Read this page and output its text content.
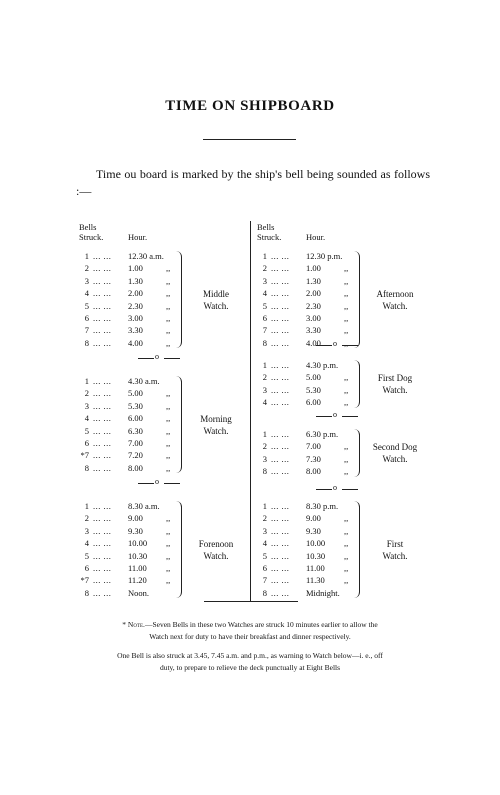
TIME ON SHIPBOARD
Time ou board is marked by the ship's bell being sounded as follows :—
Bells
Struck.	Hour.
Bells
Struck.	Hour.
1 ... ... 12.30 a.m.
2 ... ... 1.00	,,
3 ... ... 1.30	,,
4 ... ... 2.00	,,
5 ... ... 2.30	,,
6 ... ... 3.00	,,
7 ... ... 3.30	,,
8 ... ... 4.00	,,
Middle
Watch.
1 ... ... 4.30 a.m.
2 ... ... 5.00	,,
3 ... ... 5.30	,,
4 ... ... 6.00	,,
5 ... ... 6.30	,,
6 ... ... 7.00	,,
*7 ... ... 7.20	,,
8 ... ... 8.00	,,
Morning
Watch.
1 ... ... 8.30 a.m.
2 ... ... 9.00	,,
3 ... ... 9.30	,,
4 ... ... 10.00 ,,
5 ... ... 10.30 ,,
6 ... ... 11.00 ,,
*7 ... ... 11.20 ,,
8 ... ... Noon.
Forenoon
Watch.
o
o
1 ... ... 12.30 p.m.
2 ... ... 1.00	,,
3 ... ... 1.30	,,
4 ... ... 2.00	,,
5 ... ... 2.30	,,
6 ... ... 3.00	,,
7 ... ... 3.30	,,
8 ... ... 4.00	,,
Afternoon
Watch.
1 ... ... 4.30 p.m.
2 ... ... 5.00	,,
3 ... ... 5.30	,,
4 ... ... 6.00	,,
First Dog
Watch.
1 ... ... 6.30 p.m.
2 ... ... 7.00	,,
3 ... ... 7.30	,,
8 ... ... 8.00	,,
Second Dog
Watch.
1 ... ... 8.30 p.m.
2 ... ... 9.00	,,
3 ... ... 9.30	,,
4 ... ... 10.00 ,,
5 ... ... 10.30 ,,
6 ... ... 11.00 ,,
7 ... ... 11.30 ,,
8 ... ... Midnight.
First
Watch.
o
o
o
* Note.—Seven Bells in these two Watches are struck 10 minutes earlier to allow the
Watch next for duty to have their breakfast and dinner respectively.
One Bell is also struck at 3.45, 7.45 a.m. and p.m., as warning to Watch below—i. e., off
duty, to prepare to relieve the deck punctually at Eight Bells
